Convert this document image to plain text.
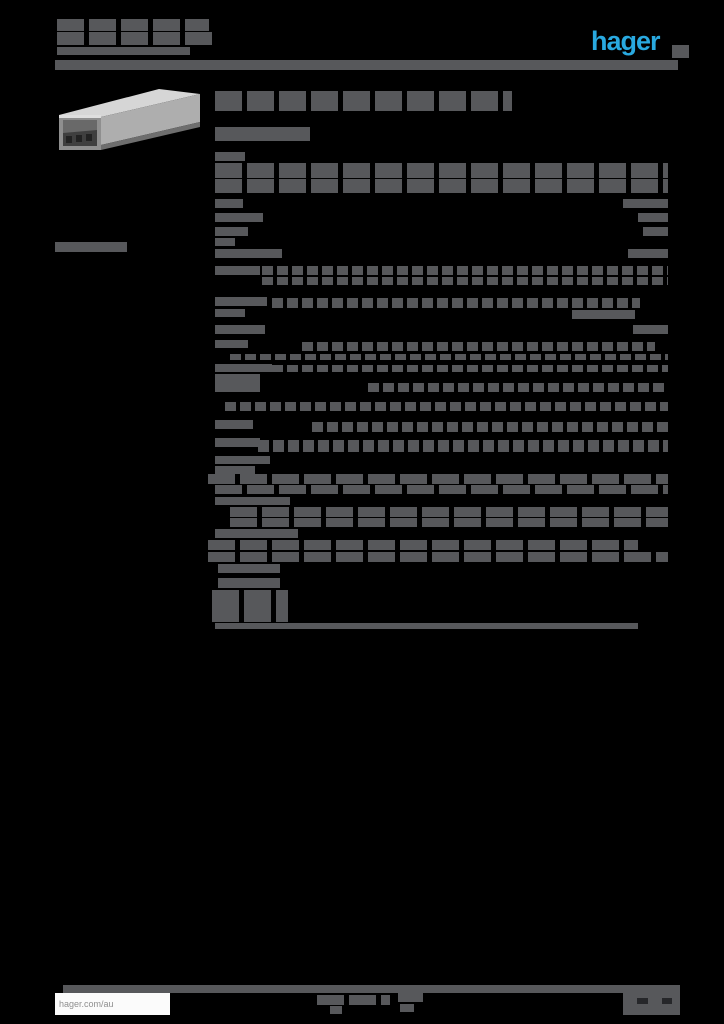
hager
hager.com/au
